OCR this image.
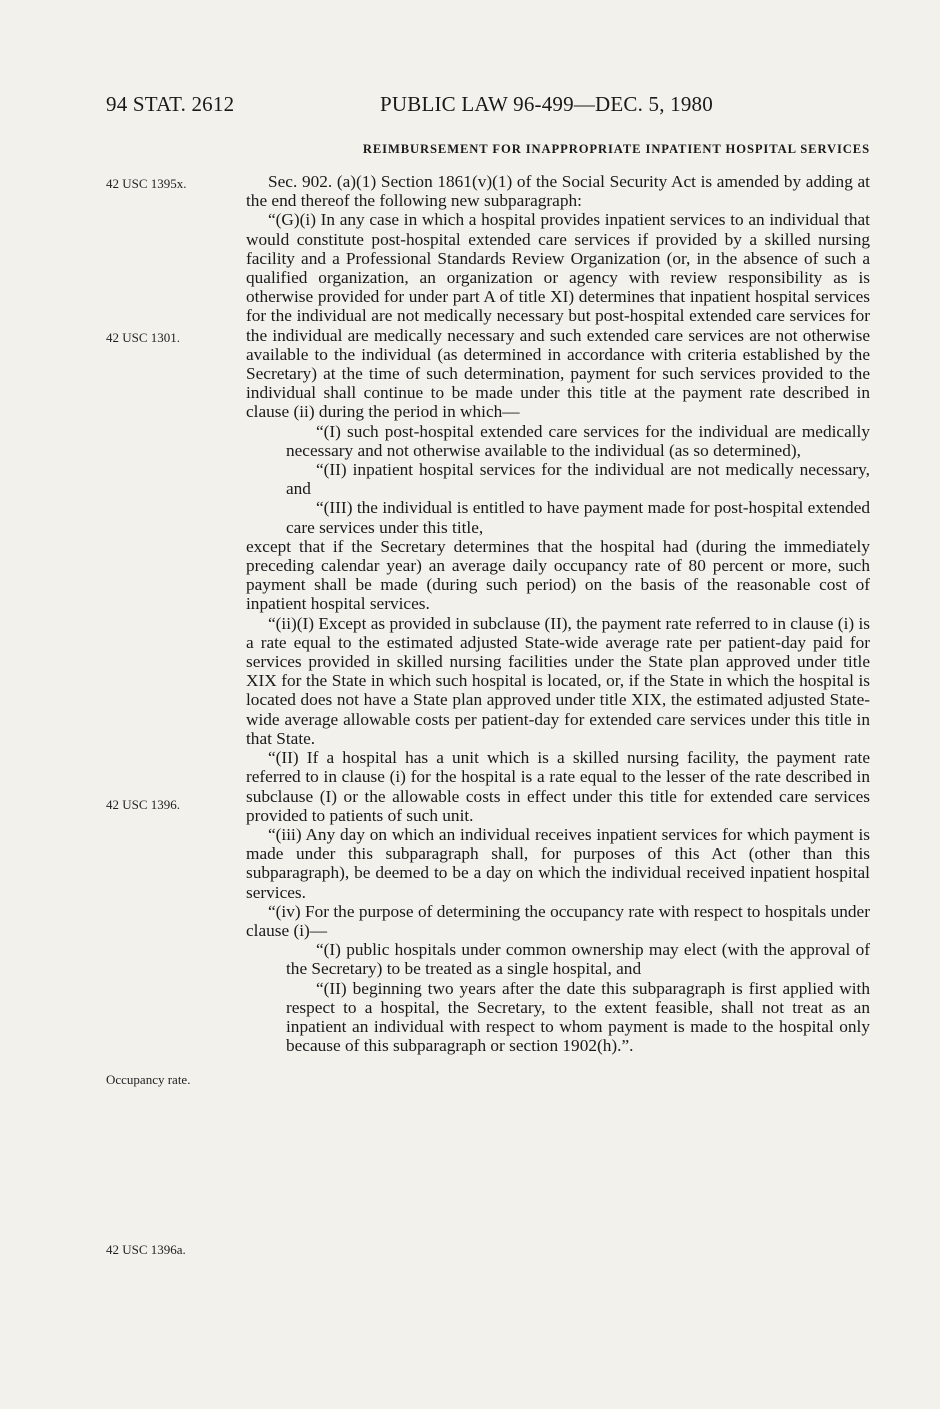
94 STAT. 2612	PUBLIC LAW 96-499—DEC. 5, 1980
REIMBURSEMENT FOR INAPPROPRIATE INPATIENT HOSPITAL SERVICES
42 USC 1395x.
42 USC 1301.
42 USC 1396.
Occupancy rate.
42 USC 1396a.

Sec. 902. (a)(1) Section 1861(v)(1) of the Social Security Act is amended by adding at the end thereof the following new subparagraph:

“(G)(i) In any case in which a hospital provides inpatient services to an individual that would constitute post-hospital extended care services if provided by a skilled nursing facility and a Professional Standards Review Organization (or, in the absence of such a qualified organization, an organization or agency with review responsibility as is otherwise provided for under part A of title XI) determines that inpatient hospital services for the individual are not medically necessary but post-hospital extended care services for the individual are medically necessary and such extended care services are not otherwise available to the individual (as determined in accordance with criteria established by the Secretary) at the time of such determination, payment for such services provided to the individual shall continue to be made under this title at the payment rate described in clause (ii) during the period in which—

“(I) such post-hospital extended care services for the individual are medically necessary and not otherwise available to the individual (as so determined),

“(II) inpatient hospital services for the individual are not medically necessary, and

“(III) the individual is entitled to have payment made for post-hospital extended care services under this title,

except that if the Secretary determines that the hospital had (during the immediately preceding calendar year) an average daily occupancy rate of 80 percent or more, such payment shall be made (during such period) on the basis of the reasonable cost of inpatient hospital services.

“(ii)(I) Except as provided in subclause (II), the payment rate referred to in clause (i) is a rate equal to the estimated adjusted State-wide average rate per patient-day paid for services provided in skilled nursing facilities under the State plan approved under title XIX for the State in which such hospital is located, or, if the State in which the hospital is located does not have a State plan approved under title XIX, the estimated adjusted State-wide average allowable costs per patient-day for extended care services under this title in that State.

“(II) If a hospital has a unit which is a skilled nursing facility, the payment rate referred to in clause (i) for the hospital is a rate equal to the lesser of the rate described in subclause (I) or the allowable costs in effect under this title for extended care services provided to patients of such unit.

“(iii) Any day on which an individual receives inpatient services for which payment is made under this subparagraph shall, for purposes of this Act (other than this subparagraph), be deemed to be a day on which the individual received inpatient hospital services.

“(iv) For the purpose of determining the occupancy rate with respect to hospitals under clause (i)—

“(I) public hospitals under common ownership may elect (with the approval of the Secretary) to be treated as a single hospital, and

“(II) beginning two years after the date this subparagraph is first applied with respect to a hospital, the Secretary, to the extent feasible, shall not treat as an inpatient an individual with respect to whom payment is made to the hospital only because of this subparagraph or section 1902(h).”.
